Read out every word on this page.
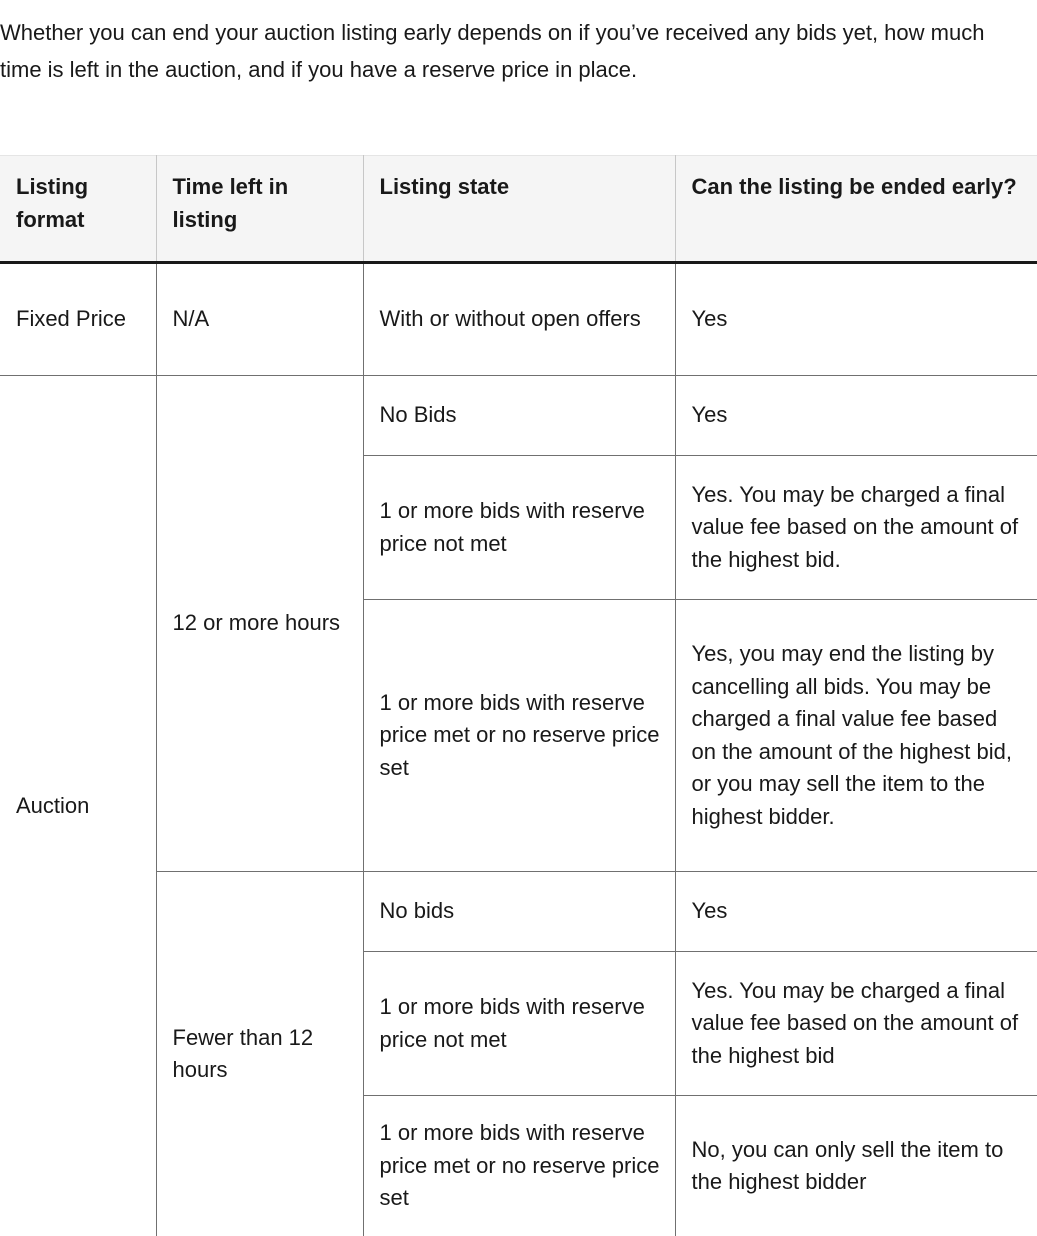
Whether you can end your auction listing early depends on if you’ve received any bids yet, how much time is left in the auction, and if you have a reserve price in place.

Listing format	Time left in listing	Listing state	Can the listing be ended early?
Fixed Price	N/A	With or without open offers	Yes
Auction	12 or more hours	No Bids	Yes
		1 or more bids with reserve price not met	Yes. You may be charged a final value fee based on the amount of the highest bid.
		1 or more bids with reserve price met or no reserve price set	Yes, you may end the listing by cancelling all bids. You may be charged a final value fee based on the amount of the highest bid, or you may sell the item to the highest bidder.
	Fewer than 12 hours	No bids	Yes
		1 or more bids with reserve price not met	Yes. You may be charged a final value fee based on the amount of the highest bid
		1 or more bids with reserve price met or no reserve price set	No, you can only sell the item to the highest bidder
